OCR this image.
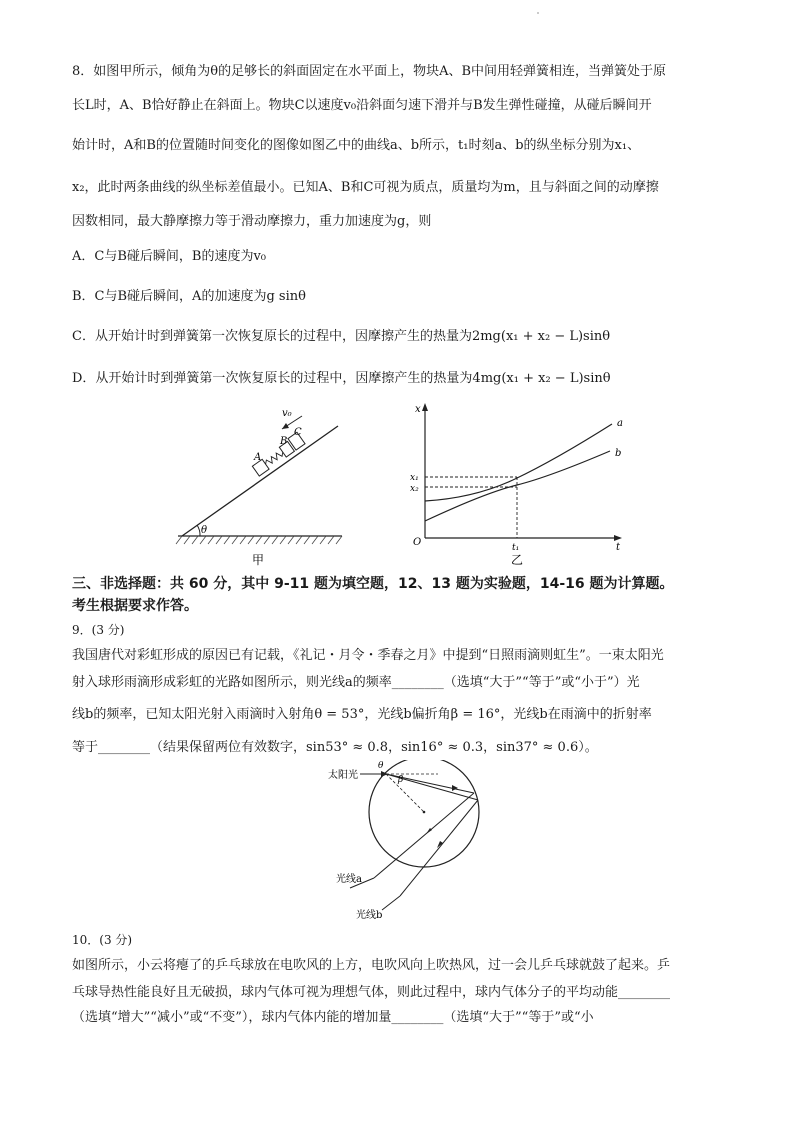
8．如图甲所示，倾角为θ的足够长的斜面固定在水平面上，物块A、B中间用轻弹簧相连，当弹簧处于原
长L时，A、B恰好静止在斜面上。物块C以速度v₀沿斜面匀速下滑并与B发生弹性碰撞，从碰后瞬间开
始计时，A和B的位置随时间变化的图像如图乙中的曲线a、b所示，t₁时刻a、b的纵坐标分别为x₁、
x₂，此时两条曲线的纵坐标差值最小。已知A、B和C可视为质点，质量均为m，且与斜面之间的动摩擦
因数相同，最大静摩擦力等于滑动摩擦力，重力加速度为g，则
A．C与B碰后瞬间，B的速度为v₀
B．C与B碰后瞬间，A的加速度为g sinθ
C．从开始计时到弹簧第一次恢复原长的过程中，因摩擦产生的热量为2mg(x₁ + x₂ − L)sinθ
D．从开始计时到弹簧第一次恢复原长的过程中，因摩擦产生的热量为4mg(x₁ + x₂ − L)sinθ
θ
A
B
C
v₀
甲
x
t
O
a
b
x₁
x₂
t₁
乙
三、非选择题：共 60 分，其中 9-11 题为填空题，12、13 题为实验题，14-16 题为计算题。
考生根据要求作答。
9．(3 分)
我国唐代对彩虹形成的原因已有记载，《礼记・月令・季春之月》中提到“日照雨滴则虹生”。一束太阳光
射入球形雨滴形成彩虹的光路如图所示，则光线a的频率________（选填“大于”“等于”或“小于”）光
线b的频率，已知太阳光射入雨滴时入射角θ = 53°，光线b偏折角β = 16°，光线b在雨滴中的折射率
等于________（结果保留两位有效数字，sin53° ≈ 0.8，sin16° ≈ 0.3，sin37° ≈ 0.6）。
太阳光
θ
β
光线a
光线b
10．(3 分)
如图所示，小云将瘪了的乒乓球放在电吹风的上方，电吹风向上吹热风，过一会儿乒乓球就鼓了起来。乒
乓球导热性能良好且无破损，球内气体可视为理想气体，则此过程中，球内气体分子的平均动能________
（选填“增大”“减小”或“不变”），球内气体内能的增加量________（选填“大于”“等于”或“小
